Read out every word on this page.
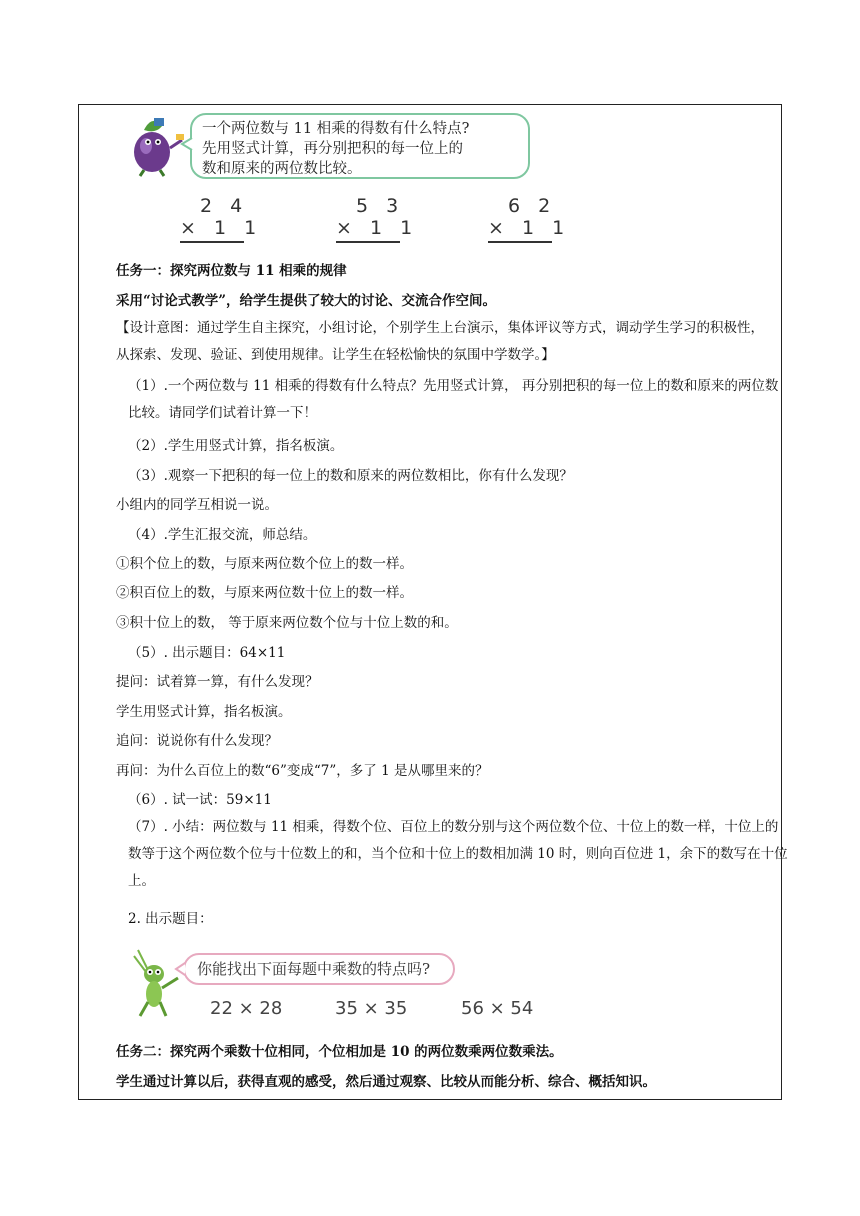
一个两位数与 11 相乘的得数有什么特点?
先用竖式计算，再分别把积的每一位上的
数和原来的两位数比较。
2 4
× 1 1
5 3
× 1 1
6 2
× 1 1
任务一：探究两位数与 11 相乘的规律
采用“讨论式教学”，给学生提供了较大的讨论、交流合作空间。
【设计意图：通过学生自主探究，小组讨论，个别学生上台演示，集体评议等方式，调动学生学习的积极性，从探索、发现、验证、到使用规律。让学生在轻松愉快的氛围中学数学。】
（1）.一个两位数与 11 相乘的得数有什么特点？先用竖式计算， 再分别把积的每一位上的数和原来的两位数比较。请同学们试着计算一下！
（2）.学生用竖式计算，指名板演。
（3）.观察一下把积的每一位上的数和原来的两位数相比，你有什么发现？
小组内的同学互相说一说。
（4）.学生汇报交流，师总结。
①积个位上的数，与原来两位数个位上的数一样。
②积百位上的数，与原来两位数十位上的数一样。
③积十位上的数， 等于原来两位数个位与十位上数的和。
（5）. 出示题目：64×11
提问：试着算一算，有什么发现？
学生用竖式计算，指名板演。
追问：说说你有什么发现？
再问：为什么百位上的数“6”变成“7”，多了 1 是从哪里来的？
（6）. 试一试：59×11
（7）. 小结：两位数与 11 相乘，得数个位、百位上的数分别与这个两位数个位、十位上的数一样，十位上的数等于这个两位数个位与十位数上的和，当个位和十位上的数相加满 10 时，则向百位进 1，余下的数写在十位上。
2. 出示题目：
你能找出下面每题中乘数的特点吗?
22 × 28	35 × 35	56 × 54
任务二：探究两个乘数十位相同，个位相加是 10 的两位数乘两位数乘法。
学生通过计算以后，获得直观的感受，然后通过观察、比较从而能分析、综合、概括知识。
